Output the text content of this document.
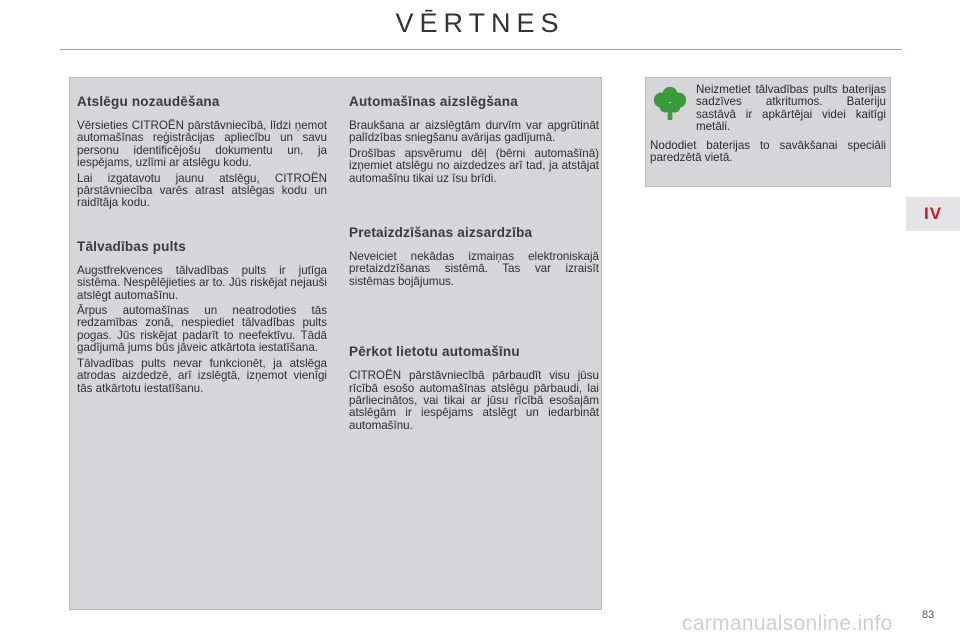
VĒRTNES
Atslēgu nozaudēšana

Vērsieties CITROËN pārstāvniecībā, līdzi ņemot automašīnas reģistrācijas apliecību un savu personu identificējošu dokumentu un, ja iespējams, uzlīmi ar atslēgu kodu.

Lai izgatavotu jaunu atslēgu, CITROËN pārstāvniecība varēs atrast atslēgas kodu un raidītāja kodu.

Tālvadības pults

Augstfrekvences tālvadības pults ir jutīga sistēma. Nespēlējieties ar to. Jūs riskējat nejauši atslēgt automašīnu.

Ārpus automašīnas un neatrodoties tās redzamības zonā, nespiediet tālvadības pults pogas. Jūs riskējat padarīt to neefektīvu. Tādā gadījumā jums būs jāveic atkārtota iestatīšana.

Tālvadības pults nevar funkcionēt, ja atslēga atrodas aizdedzē, arī izslēgtā, izņemot vienīgi tās atkārtotu iestatīšanu.

Automašīnas aizslēgšana

Braukšana ar aizslēgtām durvīm var apgrūtināt palīdzības sniegšanu avārijas gadījumā.

Drošības apsvērumu dēļ (bērni automašīnā) izņemiet atslēgu no aizdedzes arī tad, ja atstājat automašīnu tikai uz īsu brīdi.

Pretaizdzīšanas aizsardzība

Neveiciet nekādas izmaiņas elektroniskajā pretaizdzīšanas sistēmā. Tas var izraisīt sistēmas bojājumus.

Pērkot lietotu automašīnu

CITROËN pārstāvniecībā pārbaudīt visu jūsu rīcībā esošo automašīnas atslēgu pārbaudi, lai pārliecinātos, vai tikai ar jūsu rīcībā esošajām atslēgām ir iespējams atslēgt un iedarbināt automašīnu.

Neizmetiet tālvadības pults baterijas sadzīves atkritumos. Bateriju sastāvā ir apkārtējai videi kaitīgi metāli.

Nododiet baterijas to savākšanai speciāli paredzētā vietā.

IV
carmanualsonline.info	83
